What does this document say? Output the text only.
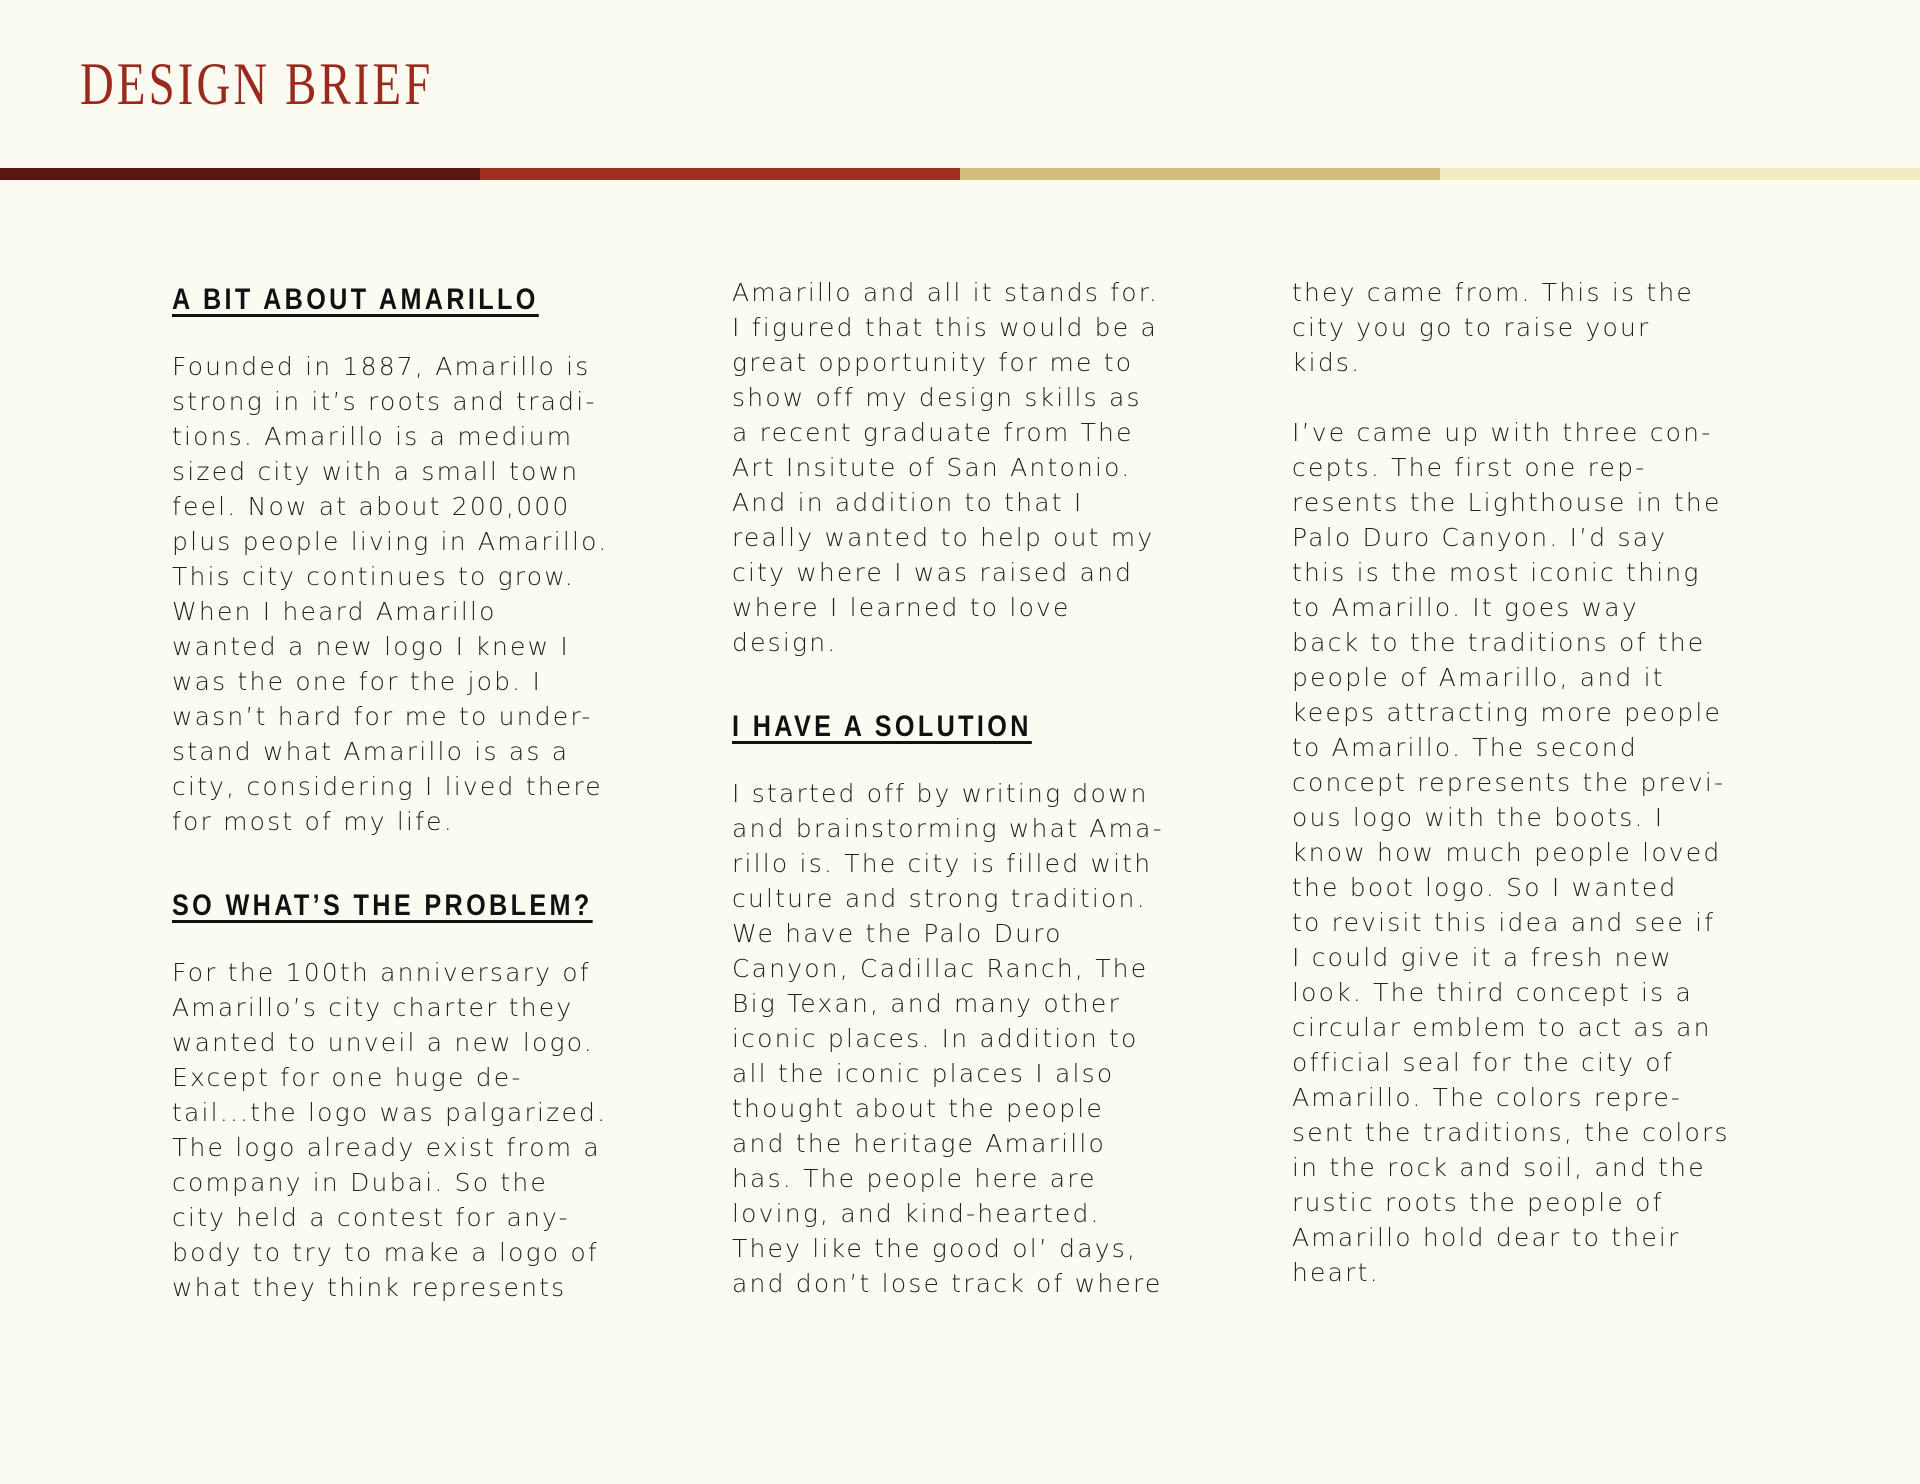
DESIGN BRIEF
A BIT ABOUT AMARILLO

Founded in 1887, Amarillo is
strong in it’s roots and tradi-
tions. Amarillo is a medium
sized city with a small town
feel. Now at about 200,000
plus people living in Amarillo.
This city continues to grow.
When I heard Amarillo
wanted a new logo I knew I
was the one for the job. I
wasn’t hard for me to under-
stand what Amarillo is as a
city, considering I lived there
for most of my life.

SO WHAT’S THE PROBLEM?

For the 100th anniversary of
Amarillo’s city charter they
wanted to unveil a new logo.
Except for one huge de-
tail...the logo was palgarized.
The logo already exist from a
company in Dubai. So the
city held a contest for any-
body to try to make a logo of
what they think represents

Amarillo and all it stands for.
I figured that this would be a
great opportunity for me to
show off my design skills as
a recent graduate from The
Art Insitute of San Antonio.
And in addition to that I
really wanted to help out my
city where I was raised and
where I learned to love
design.

I HAVE A SOLUTION

I started off by writing down
and brainstorming what Ama-
rillo is. The city is filled with
culture and strong tradition.
We have the Palo Duro
Canyon, Cadillac Ranch, The
Big Texan, and many other
iconic places. In addition to
all the iconic places I also
thought about the people
and the heritage Amarillo
has. The people here are
loving, and kind-hearted.
They like the good ol’ days,
and don’t lose track of where

they came from. This is the
city you go to raise your
kids.

I’ve came up with three con-
cepts. The first one rep-
resents the Lighthouse in the
Palo Duro Canyon. I’d say
this is the most iconic thing
to Amarillo. It goes way
back to the traditions of the
people of Amarillo, and it
keeps attracting more people
to Amarillo. The second
concept represents the previ-
ous logo with the boots. I
know how much people loved
the boot logo. So I wanted
to revisit this idea and see if
I could give it a fresh new
look. The third concept is a
circular emblem to act as an
official seal for the city of
Amarillo. The colors repre-
sent the traditions, the colors
in the rock and soil, and the
rustic roots the people of
Amarillo hold dear to their
heart.
